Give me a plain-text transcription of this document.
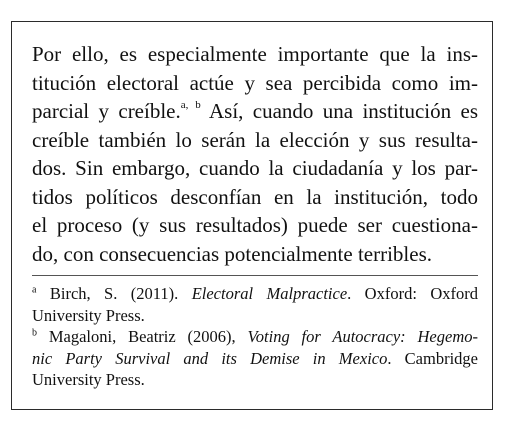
Por ello, es especialmente importante que la ins-
titución electoral actúe y sea percibida como im-
parcial y creíble.$^{a, b}$ Así, cuando una institución es
creíble también lo serán la elección y sus resulta-
dos. Sin embargo, cuando la ciudadanía y los par-
tidos políticos desconfían en la institución, todo
el proceso (y sus resultados) puede ser cuestiona-
do, con consecuencias potencialmente terribles.
$^a$ Birch, S. (2011). Electoral Malpractice. Oxford: Oxford
University Press.
$^b$ Magaloni, Beatriz (2006), Voting for Autocracy: Hegemo-
nic Party Survival and its Demise in Mexico. Cambridge
University Press.
